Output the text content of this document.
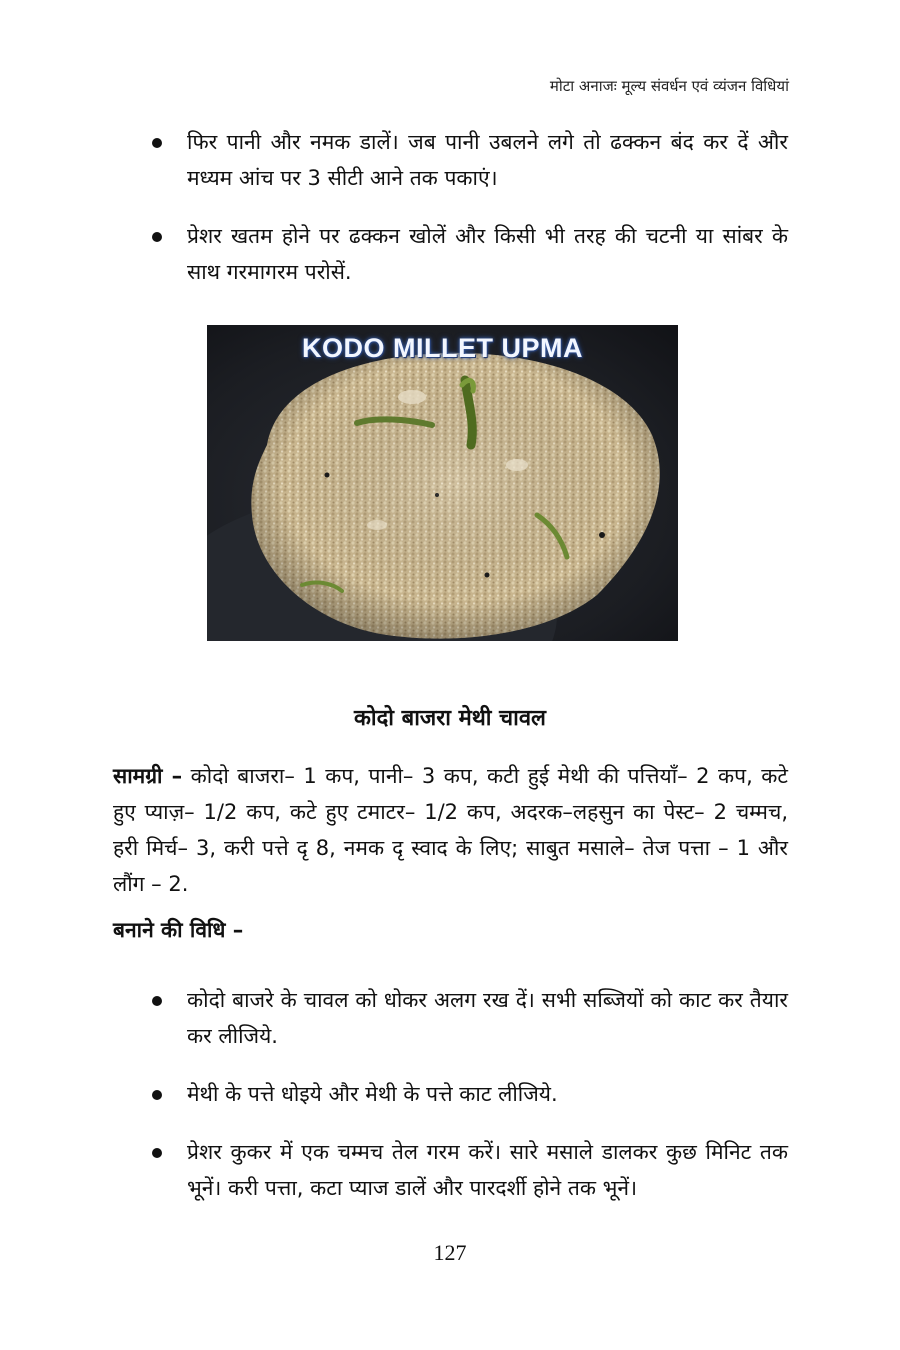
मोटा अनाजः मूल्य संवर्धन एवं व्यंजन विधियां
फिर पानी और नमक डालें। जब पानी उबलने लगे तो ढक्कन बंद कर दें और मध्यम आंच पर 3 सीटी आने तक पकाएं।
प्रेशर खतम होने पर ढक्कन खोलें और किसी भी तरह की चटनी या सांबर के साथ गरमागरम परोसें.
KODO MILLET UPMA
कोदो बाजरा मेथी चावल

सामग्री – कोदो बाजरा– 1 कप, पानी– 3 कप, कटी हुई मेथी की पत्तियाँ– 2 कप, कटे हुए प्याज़– 1/2 कप, कटे हुए टमाटर– 1/2 कप, अदरक–लहसुन का पेस्ट– 2 चम्मच, हरी मिर्च– 3, करी पत्ते दृ 8, नमक दृ स्वाद के लिए; साबुत मसाले– तेज पत्ता – 1 और लौंग – 2.

बनाने की विधि –
कोदो बाजरे के चावल को धोकर अलग रख दें। सभी सब्जियों को काट कर तैयार कर लीजिये.
मेथी के पत्ते धोइये और मेथी के पत्ते काट लीजिये.
प्रेशर कुकर में एक चम्मच तेल गरम करें। सारे मसाले डालकर कुछ मिनिट तक भूनें। करी पत्ता, कटा प्याज डालें और पारदर्शी होने तक भूनें।
127
